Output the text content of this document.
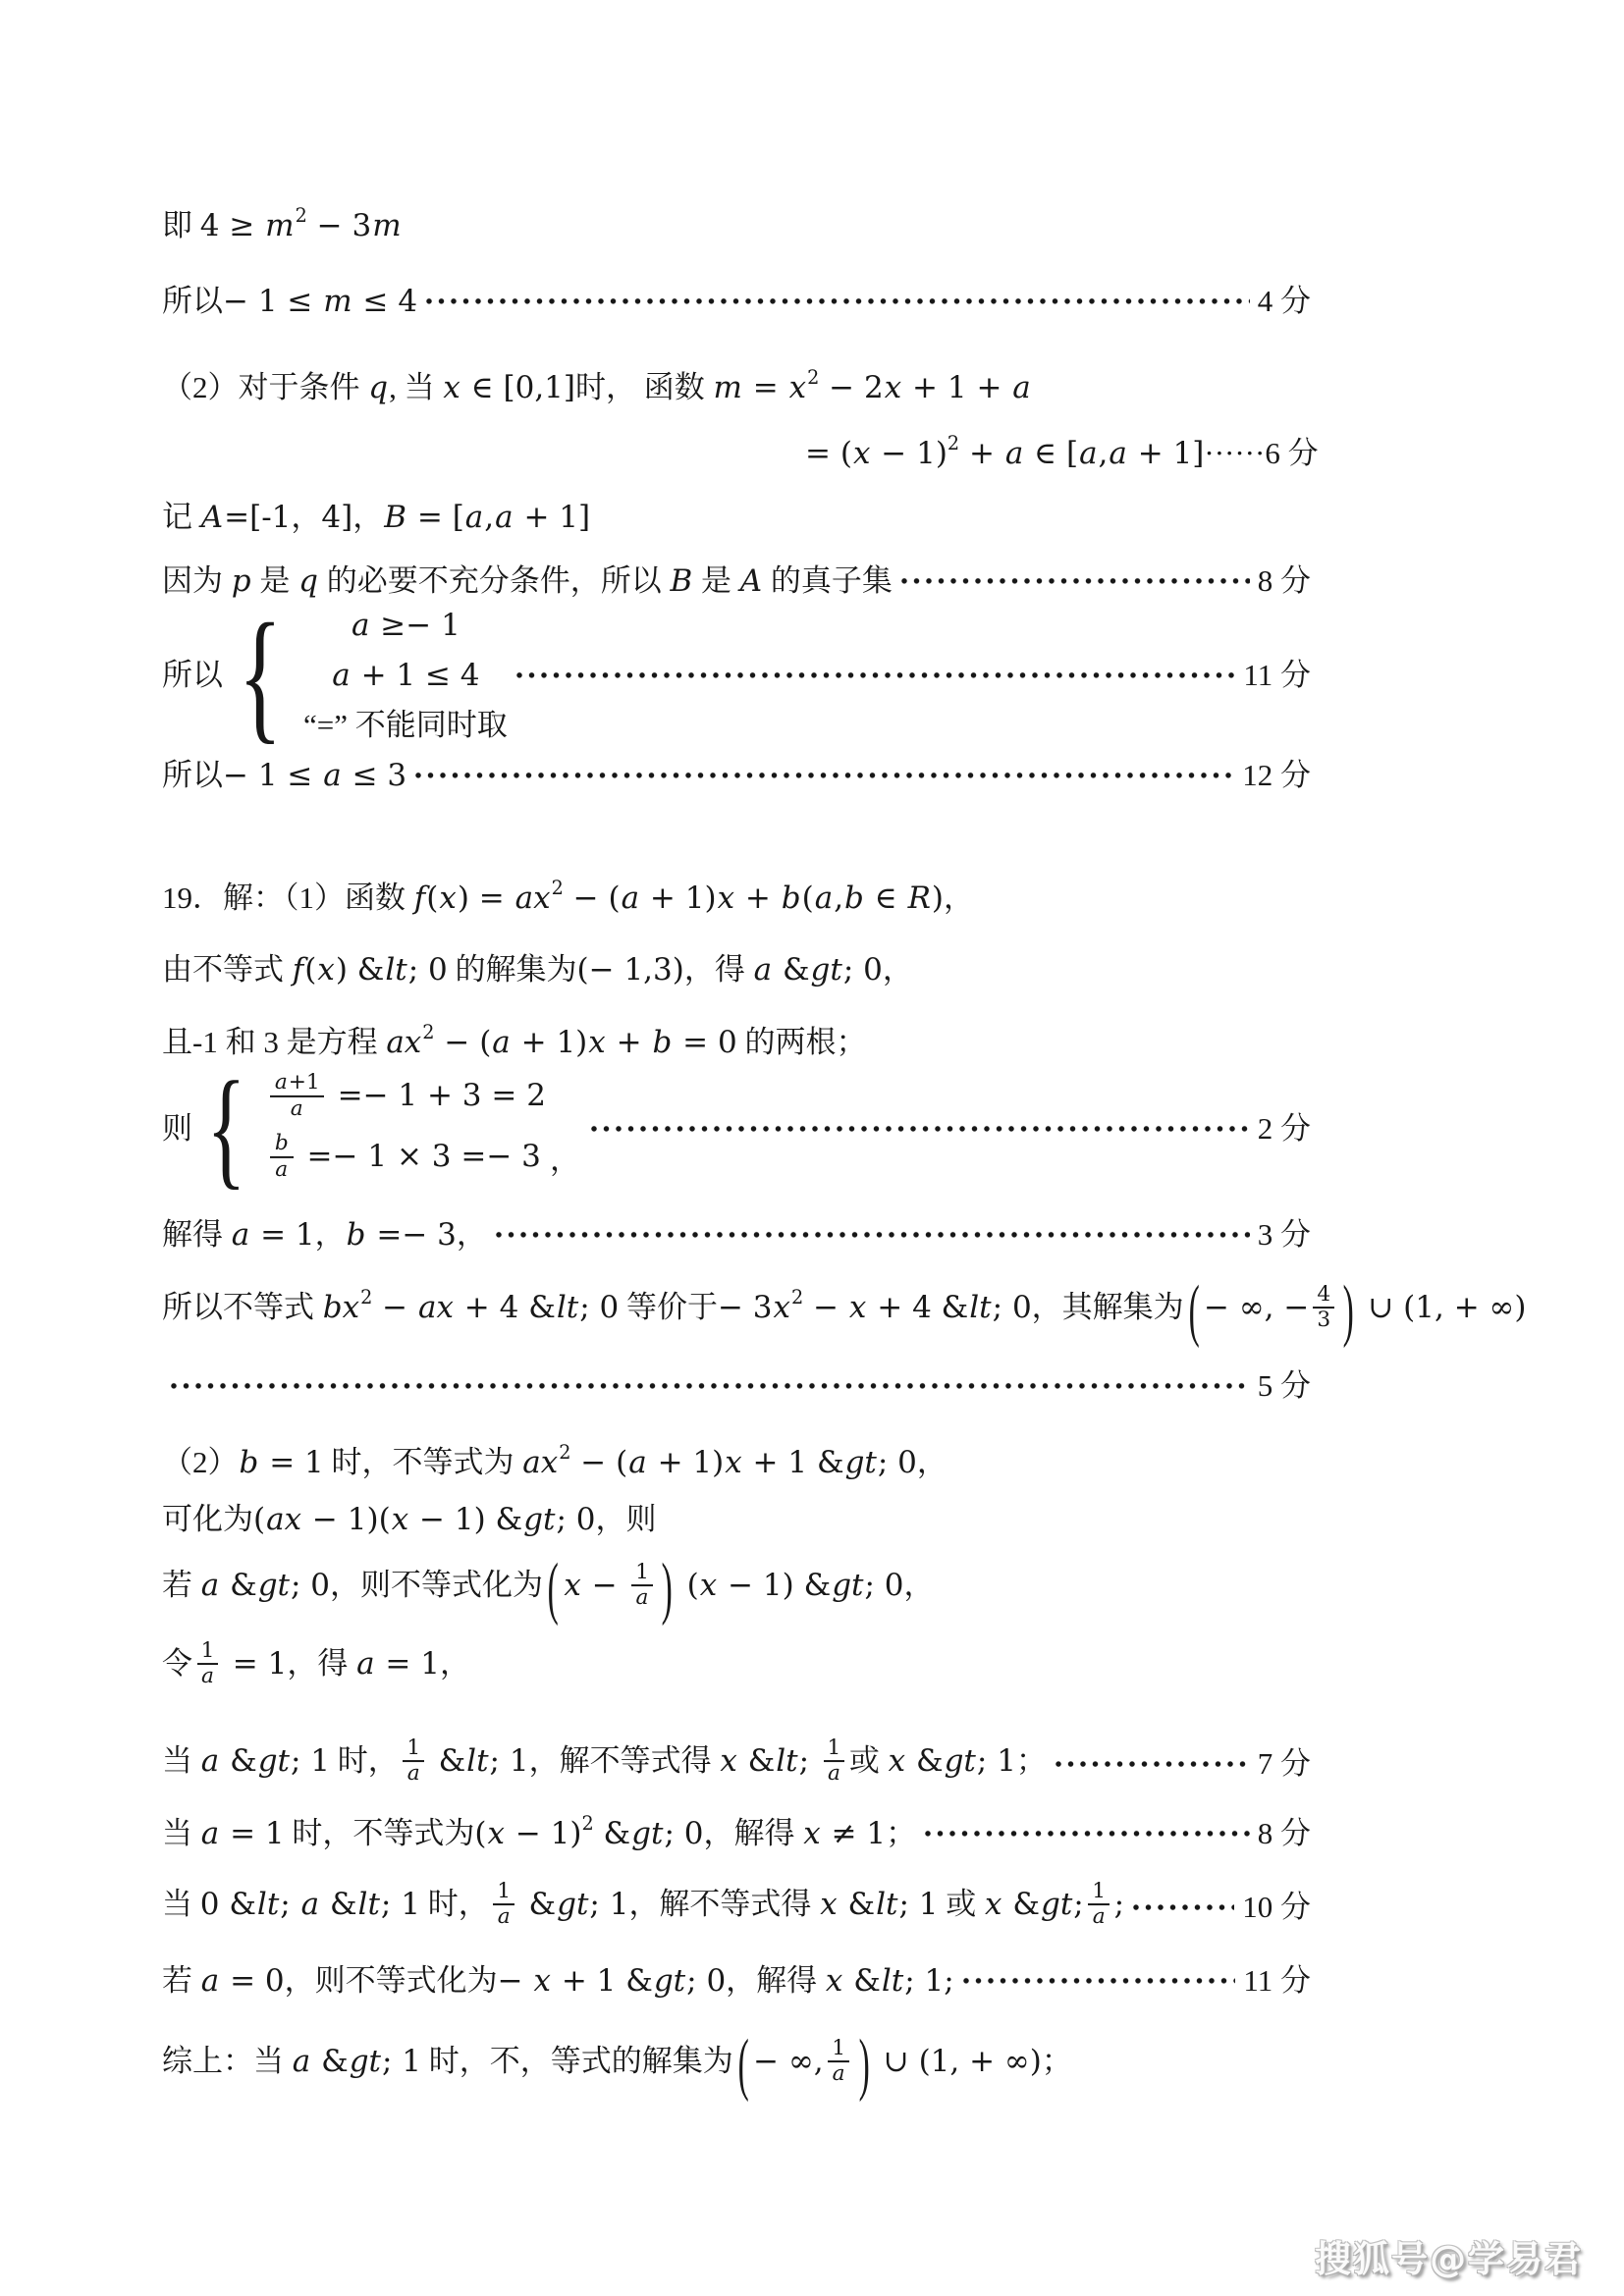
搜狐号@学易君
即 $4 \ge m^2 - 3m$
所以− 1 ≤ m ≤ 4	4 分
（2）对于条件 q, 当 x ∈ [0,1]时， 函数 $m = x^2 - 2x + 1 + a$
= $(x - 1)^2 + a$ ∈ [a,a + 1]······6 分
记 A=[-1，4]，B = [a,a + 1]
因为 p 是 q 的必要不充分条件，所以 B 是 A 的真子集	8 分
所以 { a ≥− 1
a + 1 ≤ 4
“=” 不能同时取
11 分
所以− 1 ≤ a ≤ 3	12 分
19．解：（1）函数 $f(x) = ax^2 - (a + 1)x + b(a,b$ ∈ R)，
由不等式 f(x) &lt; 0 的解集为(− 1,3)，得 a &gt; 0，
且-1 和 3 是方程 $ax^2 - (a + 1)x + b = 0$ 的两根；
则 { $\frac{a+1}{a} =- 1 + 3 = 2$
$\frac{b}{a} =- 1 \times 3 =- 3$ ，
2 分
解得 a = 1，b =− 3，	3 分
所以不等式 $bx^2$ − ax + 4 &lt; 0 等价于− $3x^2 - x + 4$ &lt; 0，其解集为 ( − ∞, − $\frac{4}{3}$ ) ∪ (1, + ∞)
5 分
（2）b = 1 时，不等式为 $ax^2 - (a + 1)x + 1$ &gt; 0，
可化为(ax − 1)(x − 1) &gt; 0，则
若 a &gt; 0，则不等式化为 ( $x - \frac{1}{a}$ ) (x − 1) &gt; 0，
令 $\frac{1}{a} = 1$，得 a = 1，
当 a &gt; 1 时， $\frac{1}{a}$ &lt; 1，解不等式得 x &lt; $\frac{1}{a}$ 或 x &gt; 1；	7 分
当 a = 1 时，不等式为$(x - 1)^2$ &gt; 0，解得 x ≠ 1；	8 分
当 0 &lt; a &lt; 1 时， $\frac{1}{a}$ &gt; 1，解不等式得 x &lt; 1 或 x &gt; $\frac{1}{a}$ ;	10 分
若 a = 0，则不等式化为− x + 1 &gt; 0，解得 x &lt; 1;	11 分
综上：当 a &gt; 1 时，不，等式的解集为 ( − ∞, $\frac{1}{a}$ ) ∪ (1, + ∞)；
